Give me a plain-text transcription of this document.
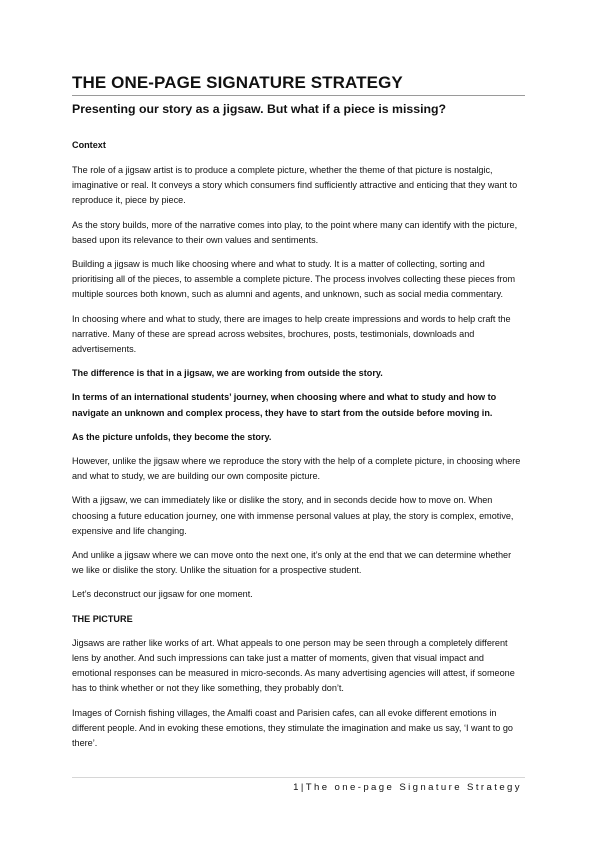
THE ONE-PAGE SIGNATURE STRATEGY
Presenting our story as a jigsaw. But what if a piece is missing?
Context

The role of a jigsaw artist is to produce a complete picture, whether the theme of that picture is nostalgic, imaginative or real. It conveys a story which consumers find sufficiently attractive and enticing that they want to reproduce it, piece by piece.

As the story builds, more of the narrative comes into play, to the point where many can identify with the picture, based upon its relevance to their own values and sentiments.

Building a jigsaw is much like choosing where and what to study. It is a matter of collecting, sorting and prioritising all of the pieces, to assemble a complete picture. The process involves collecting these pieces from multiple sources both known, such as alumni and agents, and unknown, such as social media commentary.

In choosing where and what to study, there are images to help create impressions and words to help craft the narrative. Many of these are spread across websites, brochures, posts, testimonials, downloads and advertisements.

The difference is that in a jigsaw, we are working from outside the story.

In terms of an international students’ journey, when choosing where and what to study and how to navigate an unknown and complex process, they have to start from the outside before moving in.

As the picture unfolds, they become the story.

However, unlike the jigsaw where we reproduce the story with the help of a complete picture, in choosing where and what to study, we are building our own composite picture.

With a jigsaw, we can immediately like or dislike the story, and in seconds decide how to move on. When choosing a future education journey, one with immense personal values at play, the story is complex, emotive, expensive and life changing.

And unlike a jigsaw where we can move onto the next one, it’s only at the end that we can determine whether we like or dislike the story. Unlike the situation for a prospective student.

Let’s deconstruct our jigsaw for one moment.

THE PICTURE

Jigsaws are rather like works of art. What appeals to one person may be seen through a completely different lens by another. And such impressions can take just a matter of moments, given that visual impact and emotional responses can be measured in micro-seconds. As many advertising agencies will attest, if someone has to think whether or not they like something, they probably don’t.

Images of Cornish fishing villages, the Amalfi coast and Parisien cafes, can all evoke different emotions in different people. And in evoking these emotions, they stimulate the imagination and make us say, ‘I want to go there’.

1|The one-page Signature Strategy
